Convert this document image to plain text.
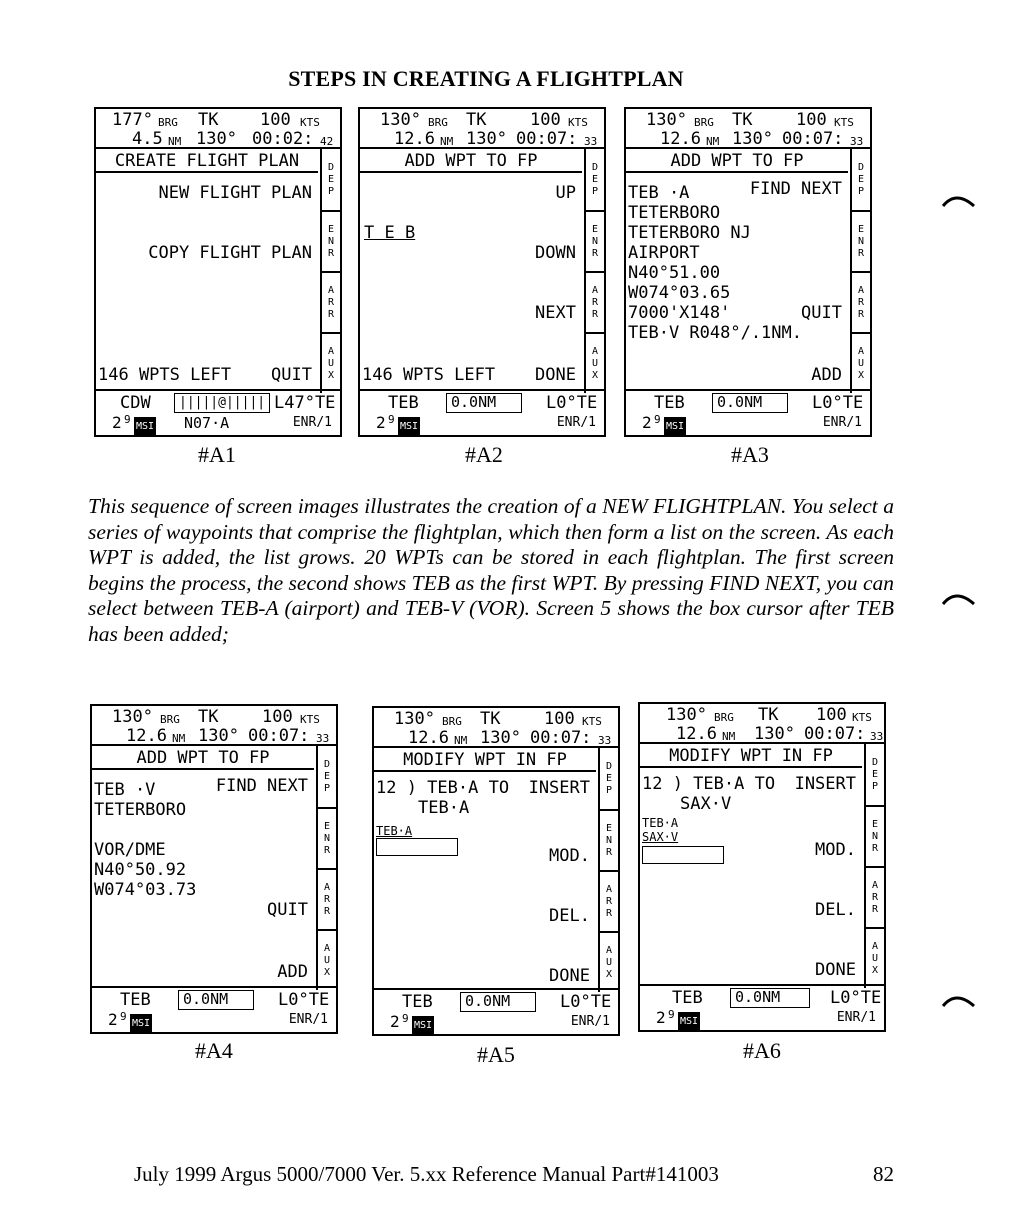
STEPS IN CREATING A FLIGHTPLAN
177° BRG TK 100 KTS
4.5 NM 130° 00:02: 42
CREATE FLIGHT PLAN
NEW FLIGHT PLAN
COPY FLIGHT PLAN
146 WPTS LEFT QUIT
D
E
P
E
N
R
A
R
R
A
U
X
CDW	|||||@||||| L47°TE
2 9
MSI N07·A	ENR/1
#A1
130° BRG TK	100 KTS
12.6 NM 130° 00:07: 33
ADD WPT TO FP
UP
T E B
DOWN
NEXT
146 WPTS LEFT DONE
D
E
P
E
N
R
A
R
R
A
U
X
TEB	0.0NM	L0°TE
2 9
MSI	ENR/1
#A2
130° BRG TK	100 KTS
12.6 NM 130° 00:07: 33
ADD WPT TO FP
TEB ·A	FIND NEXT
TETERBORO
TETERBORO NJ
AIRPORT
N40°51.00
W074°03.65
7000'X148'	QUIT
TEB·V R048°/.1NM.
ADD
D
E
P
E
N
R
A
R
R
A
U
X
TEB	0.0NM	L0°TE
2 9
MSI	ENR/1
#A3
This sequence of screen images illustrates the creation of a NEW FLIGHTPLAN. You select a series of waypoints that comprise the flightplan, which then form a list on the screen. As each WPT is added, the list grows. 20 WPTs can be stored in each flightplan. The first screen begins the process, the second shows TEB as the first WPT. By pressing FIND NEXT, you can select between TEB-A (airport) and TEB-V (VOR). Screen 5 shows the box cursor after TEB has been added;
130° BRG TK	100 KTS
12.6 NM 130° 00:07: 33
ADD WPT TO FP
TEB ·V	FIND NEXT
TETERBORO
VOR/DME
N40°50.92
W074°03.73
QUIT
ADD
D
E
P
E
N
R
A
R
R
A
U
X
TEB	0.0NM	L0°TE
2 9
MSI	ENR/1
#A4
130° BRG TK	100 KTS
12.6 NM 130° 00:07: 33
MODIFY WPT IN FP
12 ) TEB·A TO INSERT
TEB·A
TEB·A
MOD.
DEL.
DONE
D
E
P
E
N
R
A
R
R
A
U
X
TEB	0.0NM	L0°TE
2 9
MSI	ENR/1
#A5
130° BRG TK 100 KTS
12.6 NM 130° 00:07: 33
MODIFY WPT IN FP
12 ) TEB·A TO INSERT
SAX·V
TEB·A
SAX·V
MOD.
DEL.
DONE
D
E
P
E
N
R
A
R
R
A
U
X
TEB	0.0NM	L0°TE
2 9
MSI	ENR/1
#A6
July 1999 Argus 5000/7000 Ver. 5.xx Reference Manual Part#141003	82
